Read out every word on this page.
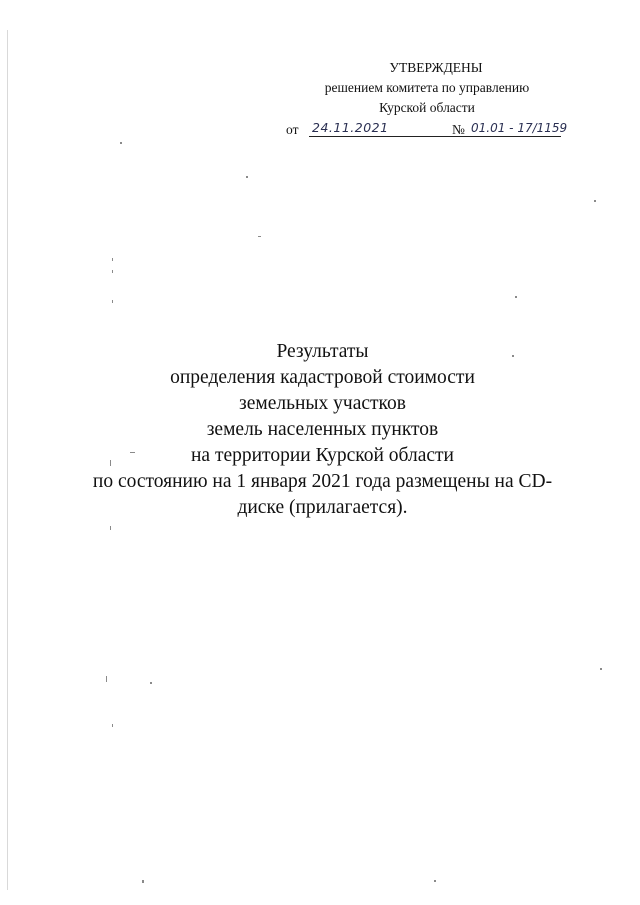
УТВЕРЖДЕНЫ
решением комитета по управлению
Курской области
от 24.11.2021	№ 01.01 - 17/1159
Результаты
определения кадастровой стоимости
земельных участков
земель населенных пунктов
на территории Курской области
по состоянию на 1 января 2021 года размещены на CD-
диске (прилагается).
